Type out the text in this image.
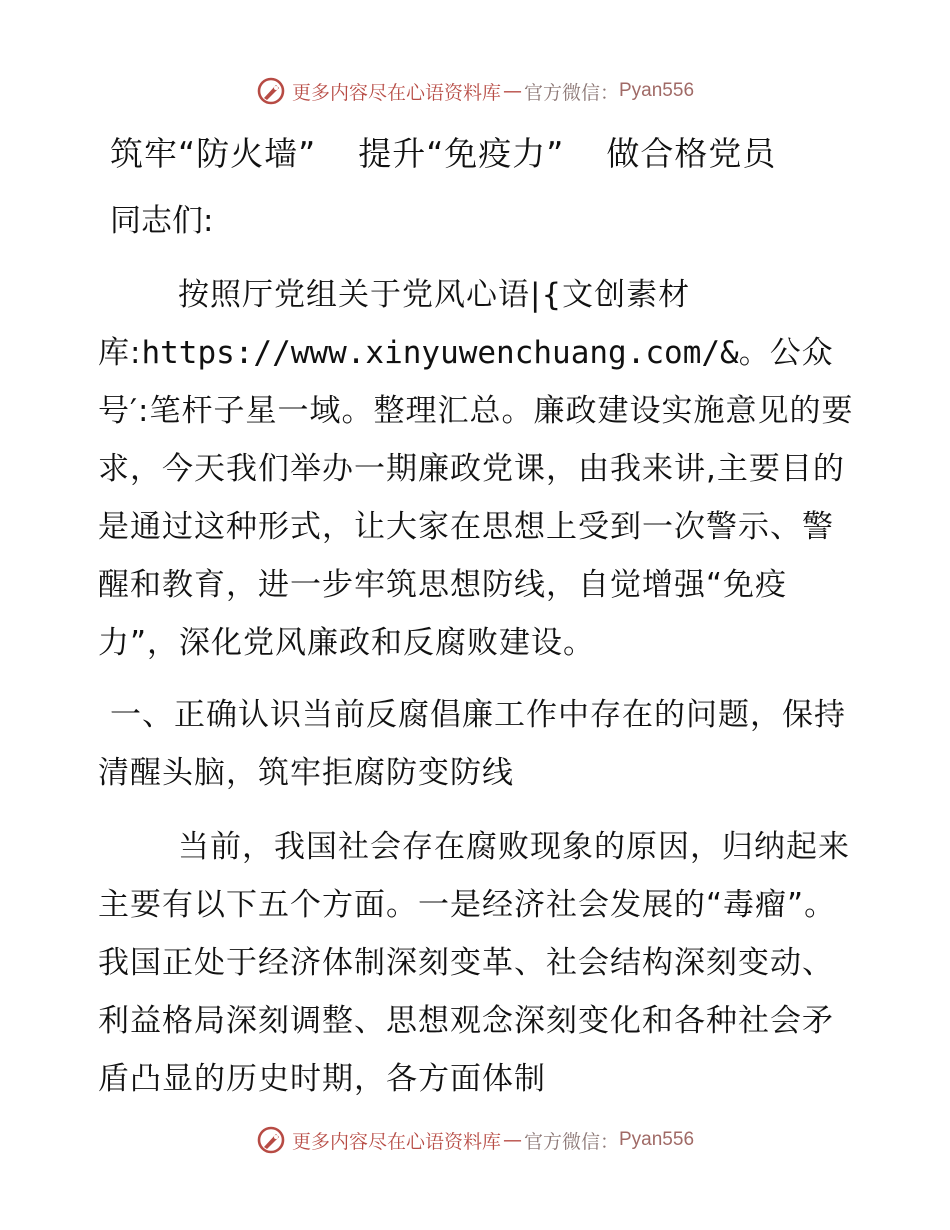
更多内容尽在心语资料库 — 官方微信： Pyan556
筑牢“防火墙” 提升“免疫力” 做合格党员
同志们:

按照厅党组关于党风心语|{文创素材库:https://www.xinyuwenchuang.com/&。公众号′:笔杆子星一域。整理汇总。廉政建设实施意见的要求，今天我们举办一期廉政党课，由我来讲,主要目的是通过这种形式，让大家在思想上受到一次警示、警醒和教育，进一步牢筑思想防线，自觉增强“免疫力”，深化党风廉政和反腐败建设。

一、正确认识当前反腐倡廉工作中存在的问题，保持清醒头脑，筑牢拒腐防变防线

当前，我国社会存在腐败现象的原因，归纳起来主要有以下五个方面。一是经济社会发展的“毒瘤”。我国正处于经济体制深刻变革、社会结构深刻变动、利益格局深刻调整、思想观念深刻变化和各种社会矛盾凸显的历史时期，各方面体制

更多内容尽在心语资料库 — 官方微信： Pyan556
